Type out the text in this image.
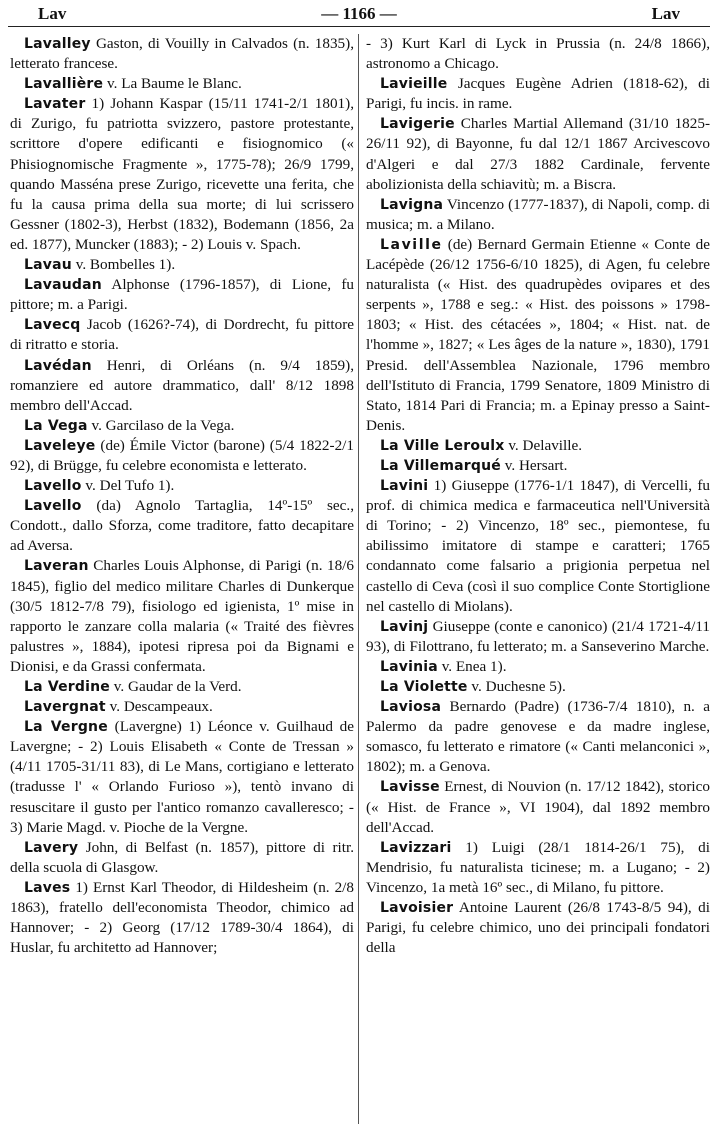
Lav	— 1166 —	Lav

Lavalley Gaston, di Vouilly in Calvados (n. 1835), letterato francese.

Lavallière v. La Baume le Blanc.

Lavater 1) Johann Kaspar (15/11 1741-2/1 1801), di Zurigo, fu patriotta svizzero, pastore protestante, scrittore d'opere edificanti e fisiognomico (« Phisiognomische Fragmente », 1775-78); 26/9 1799, quando Masséna prese Zurigo, ricevette una ferita, che fu la causa prima della sua morte; di lui scrissero Gessner (1802-3), Herbst (1832), Bodemann (1856, 2a ed. 1877), Muncker (1883); - 2) Louis v. Spach.

Lavau v. Bombelles 1).

Lavaudan Alphonse (1796-1857), di Lione, fu pittore; m. a Parigi.

Lavecq Jacob (1626?-74), di Dordrecht, fu pittore di ritratto e storia.

Lavédan Henri, di Orléans (n. 9/4 1859), romanziere ed autore drammatico, dall' 8/12 1898 membro dell'Accad.

La Vega v. Garcilaso de la Vega.

Laveleye (de) Émile Victor (barone) (5/4 1822-2/1 92), di Brügge, fu celebre economista e letterato.

Lavello v. Del Tufo 1).

Lavello (da) Agnolo Tartaglia, 14º-15º sec., Condott., dallo Sforza, come traditore, fatto decapitare ad Aversa.

Laveran Charles Louis Alphonse, di Parigi (n. 18/6 1845), figlio del medico militare Charles di Dunkerque (30/5 1812-7/8 79), fisiologo ed igienista, 1º mise in rapporto le zanzare colla malaria (« Traité des fièvres palustres », 1884), ipotesi ripresa poi da Bignami e Dionisi, e da Grassi confermata.

La Verdine v. Gaudar de la Verd.

Lavergnat v. Descampeaux.

La Vergne (Lavergne) 1) Léonce v. Guilhaud de Lavergne; - 2) Louis Elisabeth « Conte de Tressan » (4/11 1705-31/11 83), di Le Mans, cortigiano e letterato (tradusse l' « Orlando Furioso »), tentò invano di resuscitare il gusto per l'antico romanzo cavalleresco; - 3) Marie Magd. v. Pioche de la Vergne.

Lavery John, di Belfast (n. 1857), pittore di ritr. della scuola di Glasgow.

Laves 1) Ernst Karl Theodor, di Hildesheim (n. 2/8 1863), fratello dell'economista Theodor, chimico ad Hannover; - 2) Georg (17/12 1789-30/4 1864), di Huslar, fu architetto ad Hannover;

- 3) Kurt Karl di Lyck in Prussia (n. 24/8 1866), astronomo a Chicago.

Lavieille Jacques Eugène Adrien (1818-62), di Parigi, fu incis. in rame.

Lavigerie Charles Martial Allemand (31/10 1825-26/11 92), di Bayonne, fu dal 12/1 1867 Arcivescovo d'Algeri e dal 27/3 1882 Cardinale, fervente abolizionista della schiavitù; m. a Biscra.

Lavigna Vincenzo (1777-1837), di Napoli, comp. di musica; m. a Milano.

Laville (de) Bernard Germain Etienne « Conte de Lacépède (26/12 1756-6/10 1825), di Agen, fu celebre naturalista (« Hist. des quadrupèdes ovipares et des serpents », 1788 e seg.: « Hist. des poissons » 1798-1803; « Hist. des cétacées », 1804; « Hist. nat. de l'homme », 1827; « Les âges de la nature », 1830), 1791 Presid. dell'Assemblea Nazionale, 1796 membro dell'Istituto di Francia, 1799 Senatore, 1809 Ministro di Stato, 1814 Pari di Francia; m. a Epinay presso a Saint-Denis.

La Ville Leroulx v. Delaville.

La Villemarqué v. Hersart.

Lavini 1) Giuseppe (1776-1/1 1847), di Vercelli, fu prof. di chimica medica e farmaceutica nell'Università di Torino; - 2) Vincenzo, 18º sec., piemontese, fu abilissimo imitatore di stampe e caratteri; 1765 condannato come falsario a prigionia perpetua nel castello di Ceva (così il suo complice Conte Stortiglione nel castello di Miolans).

Lavinj Giuseppe (conte e canonico) (21/4 1721-4/11 93), di Filottrano, fu letterato; m. a Sanseverino Marche.

Lavinia v. Enea 1).

La Violette v. Duchesne 5).

Laviosa Bernardo (Padre) (1736-7/4 1810), n. a Palermo da padre genovese e da madre inglese, somasco, fu letterato e rimatore (« Canti melanconici », 1802); m. a Genova.

Lavisse Ernest, di Nouvion (n. 17/12 1842), storico (« Hist. de France », VI 1904), dal 1892 membro dell'Accad.

Lavizzari 1) Luigi (28/1 1814-26/1 75), di Mendrisio, fu naturalista ticinese; m. a Lugano; - 2) Vincenzo, 1a metà 16º sec., di Milano, fu pittore.

Lavoisier Antoine Laurent (26/8 1743-8/5 94), di Parigi, fu celebre chimico, uno dei principali fondatori della
